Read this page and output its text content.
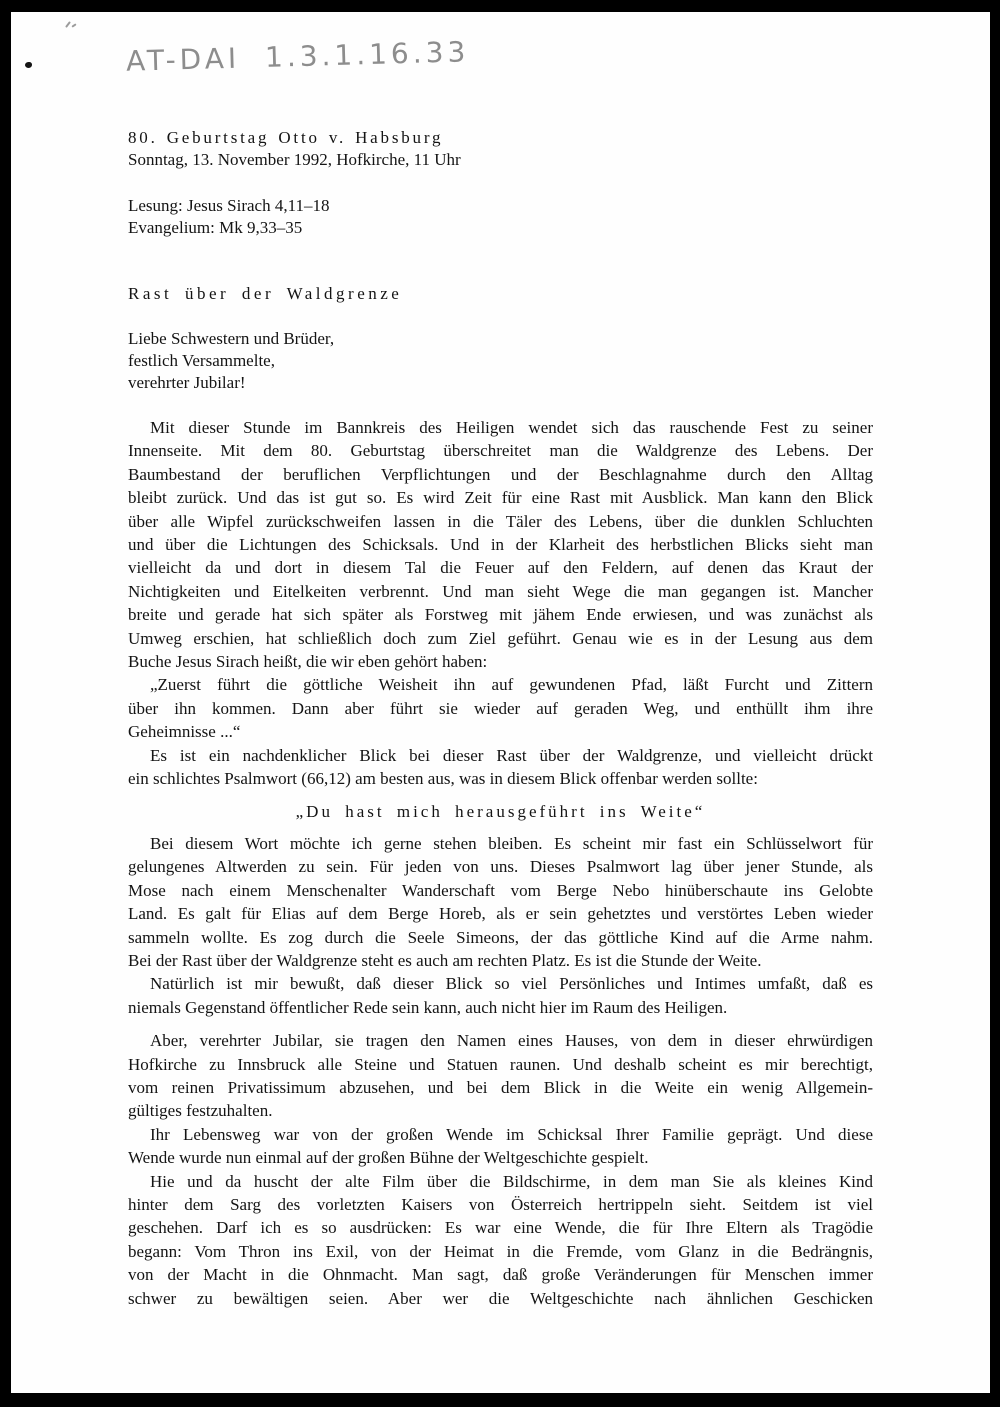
AT-DAI 1.3.1.16.33
80. Geburtstag Otto v. Habsburg
Sonntag, 13. November 1992, Hofkirche, 11 Uhr
Lesung: Jesus Sirach 4,11–18
Evangelium: Mk 9,33–35
Rast über der Waldgrenze
Liebe Schwestern und Brüder,
festlich Versammelte,
verehrter Jubilar!
Mit dieser Stunde im Bannkreis des Heiligen wendet sich das rauschende Fest zu seiner
Innenseite. Mit dem 80. Geburtstag überschreitet man die Waldgrenze des Lebens. Der
Baumbestand der beruflichen Verpflichtungen und der Beschlagnahme durch den Alltag
bleibt zurück. Und das ist gut so. Es wird Zeit für eine Rast mit Ausblick. Man kann den Blick
über alle Wipfel zurückschweifen lassen in die Täler des Lebens, über die dunklen Schluchten
und über die Lichtungen des Schicksals. Und in der Klarheit des herbstlichen Blicks sieht man
vielleicht da und dort in diesem Tal die Feuer auf den Feldern, auf denen das Kraut der
Nichtigkeiten und Eitelkeiten verbrennt. Und man sieht Wege die man gegangen ist. Mancher
breite und gerade hat sich später als Forstweg mit jähem Ende erwiesen, und was zunächst als
Umweg erschien, hat schließlich doch zum Ziel geführt. Genau wie es in der Lesung aus dem
Buche Jesus Sirach heißt, die wir eben gehört haben:
„Zuerst führt die göttliche Weisheit ihn auf gewundenen Pfad, läßt Furcht und Zittern
über ihn kommen. Dann aber führt sie wieder auf geraden Weg, und enthüllt ihm ihre
Geheimnisse ...“
Es ist ein nachdenklicher Blick bei dieser Rast über der Waldgrenze, und vielleicht drückt
ein schlichtes Psalmwort (66,12) am besten aus, was in diesem Blick offenbar werden sollte:
„Du hast mich herausgeführt ins Weite“
Bei diesem Wort möchte ich gerne stehen bleiben. Es scheint mir fast ein Schlüsselwort für
gelungenes Altwerden zu sein. Für jeden von uns. Dieses Psalmwort lag über jener Stunde, als
Mose nach einem Menschenalter Wanderschaft vom Berge Nebo hinüberschaute ins Gelobte
Land. Es galt für Elias auf dem Berge Horeb, als er sein gehetztes und verstörtes Leben wieder
sammeln wollte. Es zog durch die Seele Simeons, der das göttliche Kind auf die Arme nahm.
Bei der Rast über der Waldgrenze steht es auch am rechten Platz. Es ist die Stunde der Weite.
Natürlich ist mir bewußt, daß dieser Blick so viel Persönliches und Intimes umfaßt, daß es
niemals Gegenstand öffentlicher Rede sein kann, auch nicht hier im Raum des Heiligen.
Aber, verehrter Jubilar, sie tragen den Namen eines Hauses, von dem in dieser ehrwürdigen
Hofkirche zu Innsbruck alle Steine und Statuen raunen. Und deshalb scheint es mir berechtigt,
vom reinen Privatissimum abzusehen, und bei dem Blick in die Weite ein wenig Allgemein-
gültiges festzuhalten.
Ihr Lebensweg war von der großen Wende im Schicksal Ihrer Familie geprägt. Und diese
Wende wurde nun einmal auf der großen Bühne der Weltgeschichte gespielt.
Hie und da huscht der alte Film über die Bildschirme, in dem man Sie als kleines Kind
hinter dem Sarg des vorletzten Kaisers von Österreich hertrippeln sieht. Seitdem ist viel
geschehen. Darf ich es so ausdrücken: Es war eine Wende, die für Ihre Eltern als Tragödie
begann: Vom Thron ins Exil, von der Heimat in die Fremde, vom Glanz in die Bedrängnis,
von der Macht in die Ohnmacht. Man sagt, daß große Veränderungen für Menschen immer
schwer zu bewältigen seien. Aber wer die Weltgeschichte nach ähnlichen Geschicken
